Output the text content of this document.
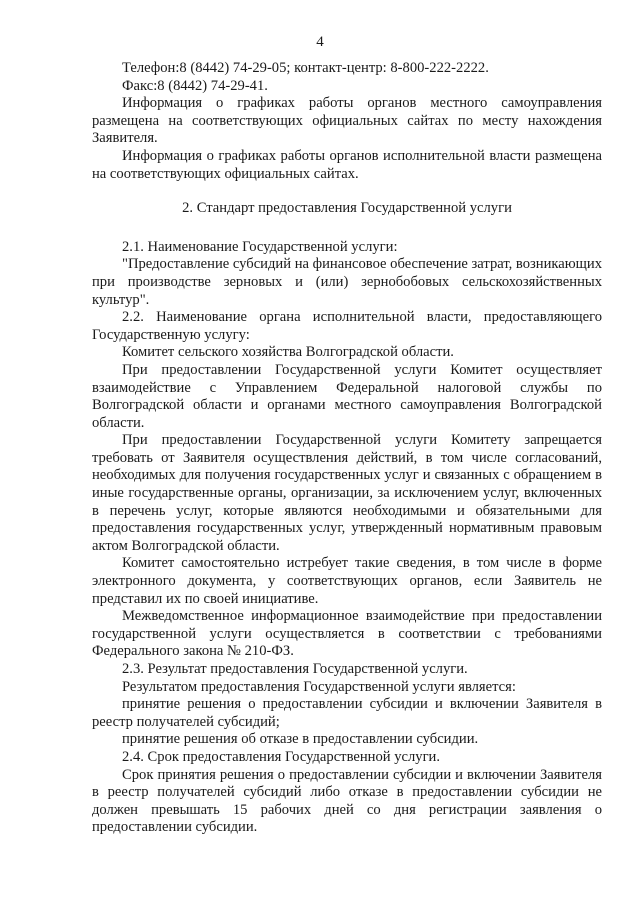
4

Телефон:8 (8442) 74-29-05; контакт-центр: 8-800-222-2222.

Факс:8 (8442) 74-29-41.

Информация о графиках работы органов местного самоуправления размещена на соответствующих официальных сайтах по месту нахождения Заявителя.

Информация о графиках работы органов исполнительной власти размещена на соответствующих официальных сайтах.

2. Стандарт предоставления Государственной услуги

2.1. Наименование Государственной услуги:

"Предоставление субсидий на финансовое обеспечение затрат, возникающих при производстве зерновых и (или) зернобобовых сельскохозяйственных культур".

2.2. Наименование органа исполнительной власти, предоставляющего Государственную услугу:

Комитет сельского хозяйства Волгоградской области.

При предоставлении Государственной услуги Комитет осуществляет взаимодействие с Управлением Федеральной налоговой службы по Волгоградской области и органами местного самоуправления Волгоградской области.

При предоставлении Государственной услуги Комитету запрещается требовать от Заявителя осуществления действий, в том числе согласований, необходимых для получения государственных услуг и связанных с обращением в иные государственные органы, организации, за исключением услуг, включенных в перечень услуг, которые являются необходимыми и обязательными для предоставления государственных услуг, утвержденный нормативным правовым актом Волгоградской области.

Комитет самостоятельно истребует такие сведения, в том числе в форме электронного документа, у соответствующих органов, если Заявитель не представил их по своей инициативе.

Межведомственное информационное взаимодействие при предоставлении государственной услуги осуществляется в соответствии с требованиями Федерального закона № 210-ФЗ.

2.3. Результат предоставления Государственной услуги.

Результатом предоставления Государственной услуги является:

принятие решения о предоставлении субсидии и включении Заявителя в реестр получателей субсидий;

принятие решения об отказе в предоставлении субсидии.

2.4. Срок предоставления Государственной услуги.

Срок принятия решения о предоставлении субсидии и включении Заявителя в реестр получателей субсидий либо отказе в предоставлении субсидии не должен превышать 15 рабочих дней со дня регистрации заявления о предоставлении субсидии.
